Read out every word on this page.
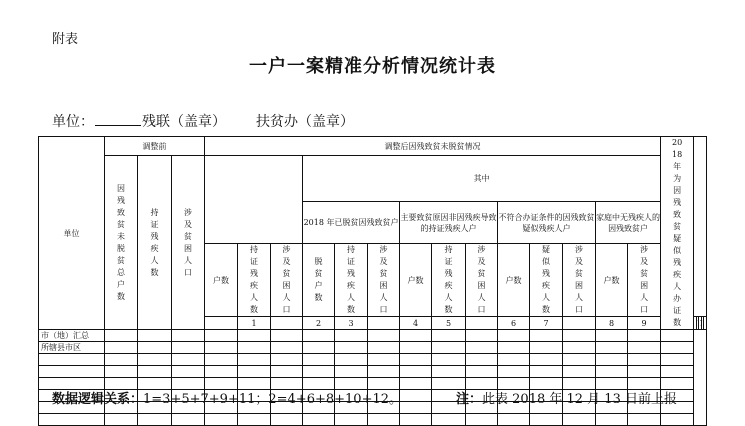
附表
一户一案精准分析情况统计表
单位：	残联（盖章） 扶贫办（盖章）
单位	调整前			调整后因残致贫未脱贫情况														2018 年为因残致贫疑似残疾人办证数					

	因残致贫未脱贫总户数	持证残疾人数	涉及贫困人口				其中																
							2018 年已脱贫因残致贫户			主要致贫原因非因残疾导致的持证残疾人户			不符合办证条件的因残致贫疑似残疾人户			家庭中无残疾人的因残致贫户							
				户数	持证残疾人数	涉及贫困人口	脱贫户数	持证残疾人数	涉及贫困人口	户数	持证残疾人数	涉及贫困人口	户数	疑似残疾人数	涉及贫困人口	户数	涉及贫困人口						

					1		2	3		4	5		6	7		8	9					
市（地）汇总																							
所辖县市区																							

数据逻辑关系：1=3+5+7+9+11；2=4+6+8+10+12。	注：此表 2018 年 12 月 13 日前上报
